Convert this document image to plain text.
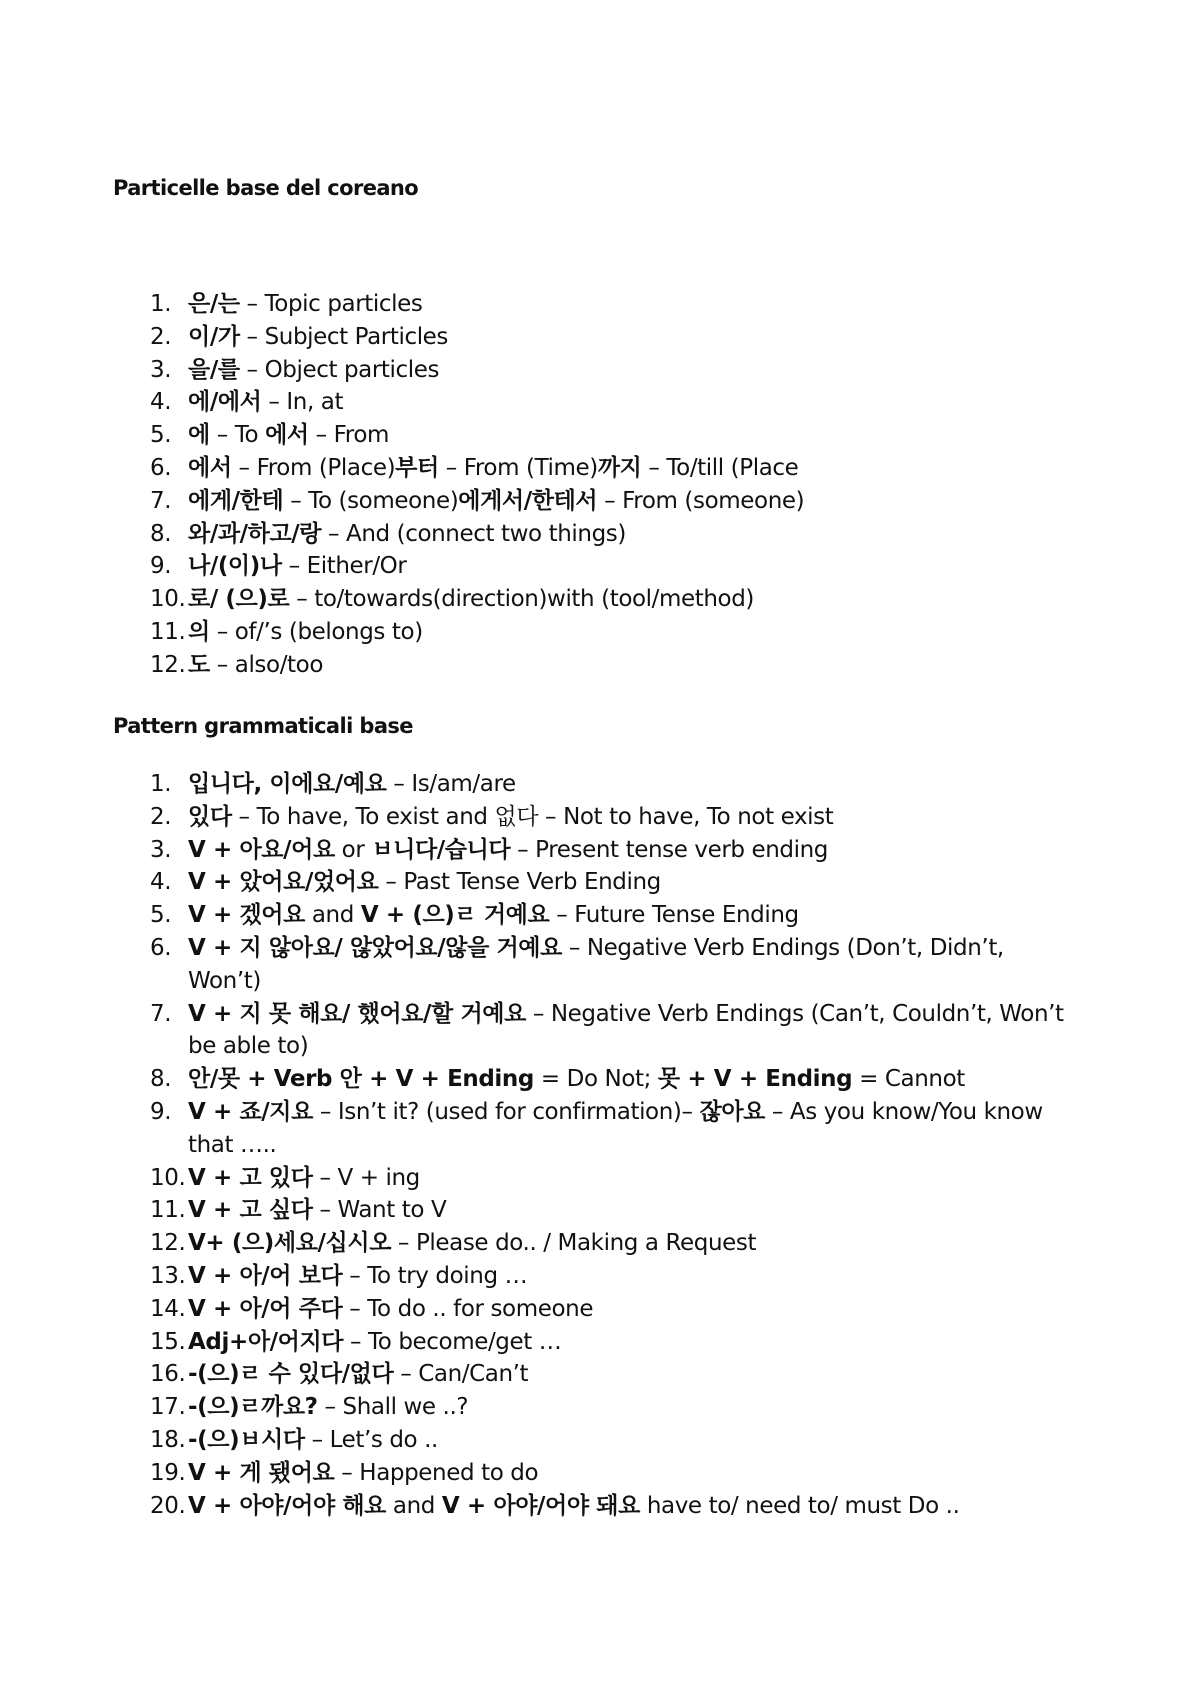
Particelle base del coreano
1. 은/는 – Topic particles
2. 이/가 – Subject Particles
3. 을/를 – Object particles
4. 에/에서 – In, at
5. 에 – To 에서 – From
6. 에서 – From (Place)부터 – From (Time)까지 – To/till (Place
7. 에게/한테 – To (someone)에게서/한테서 – From (someone)
8. 와/과/하고/랑 – And (connect two things)
9. 나/(이)나 – Either/Or
10. 로/ (으)로 – to/towards(direction)with (tool/method)
11. 의 – of/’s (belongs to)
12. 도 – also/too
Pattern grammaticali base
1. 입니다, 이에요/예요 – Is/am/are
2. 있다 – To have, To exist and 없다 – Not to have, To not exist
3. V + 아요/어요 or ㅂ니다/습니다 – Present tense verb ending
4. V + 았어요/었어요 – Past Tense Verb Ending
5. V + 겠어요 and V + (으)ㄹ 거예요 – Future Tense Ending
6. V + 지 않아요/ 않았어요/않을 거예요 – Negative Verb Endings (Don’t, Didn’t, Won’t)
7. V + 지 못 해요/ 했어요/할 거예요 – Negative Verb Endings (Can’t, Couldn’t, Won’t be able to)
8. 안/못 + Verb 안 + V + Ending = Do Not; 못 + V + Ending = Cannot
9. V + 죠/지요 – Isn’t it? (used for confirmation)– 잖아요 – As you know/You know that …..
10. V + 고 있다 – V + ing
11. V + 고 싶다 – Want to V
12. V+ (으)세요/십시오 – Please do.. / Making a Request
13. V + 아/어 보다 – To try doing …
14. V + 아/어 주다 – To do .. for someone
15. Adj+아/어지다 – To become/get …
16. -(으)ㄹ 수 있다/없다 – Can/Can’t
17. -(으)ㄹ까요? – Shall we ..?
18. -(으)ㅂ시다 – Let’s do ..
19. V + 게 됐어요 – Happened to do
20. V + 아야/어야 해요 and V + 아야/어야 돼요 have to/ need to/ must Do ..
